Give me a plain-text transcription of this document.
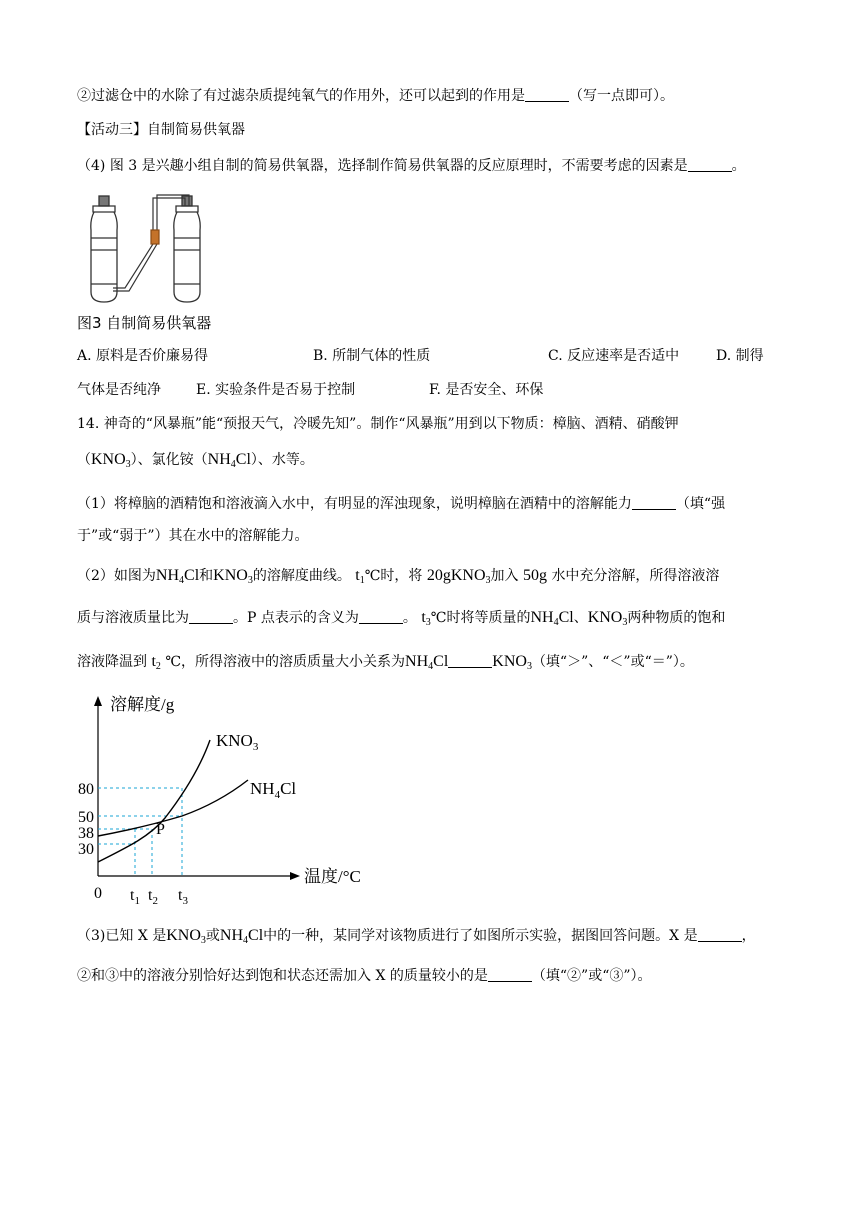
②过滤仓中的水除了有过滤杂质提纯氧气的作用外，还可以起到的作用是	（写一点即可）。
【活动三】自制简易供氧器
（4) 图 3 是兴趣小组自制的简易供氧器，选择制作简易供氧器的反应原理时，不需要考虑的因素是	。
图3 自制简易供氧器
A. 原料是否价廉易得	B. 所制气体的性质	C. 反应速率是否适中	D. 制得
气体是否纯净	E. 实验条件是否易于控制	F. 是否安全、环保
14. 神奇的“风暴瓶”能“预报天气，冷暖先知”。制作“风暴瓶”用到以下物质：樟脑、酒精、硝酸钾
$(KNO_3)$、氯化铵$(NH_4Cl)$、水等。
（1）将樟脑的酒精饱和溶液滴入水中，有明显的浑浊现象，说明樟脑在酒精中的溶解能力	（填“强
于”或“弱于”）其在水中的溶解能力。
（2）如图为$NH_4Cl$和$KNO_3$的溶解度曲线。 $t_1℃$时，将 20gKNO$_3$加入 50g 水中充分溶解，所得溶液溶
质与溶液质量比为	。P 点表示的含义为	。 $t_3℃$时将等质量的$NH_4Cl$、$KNO_3$两种物质的饱和
溶液降温到 $t_2$ ℃，所得溶液中的溶质质量大小关系为$NH_4Cl$	$KNO_3$（填“＞”、“＜”或“＝”）。
溶解度/g
温度/°C
0
80
50
38
30
$t_1$ $t_2$ $t_3$
$KNO_3$
$NH_4Cl$
P
（3)已知 X 是$KNO_3$或$NH_4Cl$中的一种，某同学对该物质进行了如图所示实验，据图回答问题。X 是	，
②和③中的溶液分别恰好达到饱和状态还需加入 X 的质量较小的是	（填“②”或“③”）。
